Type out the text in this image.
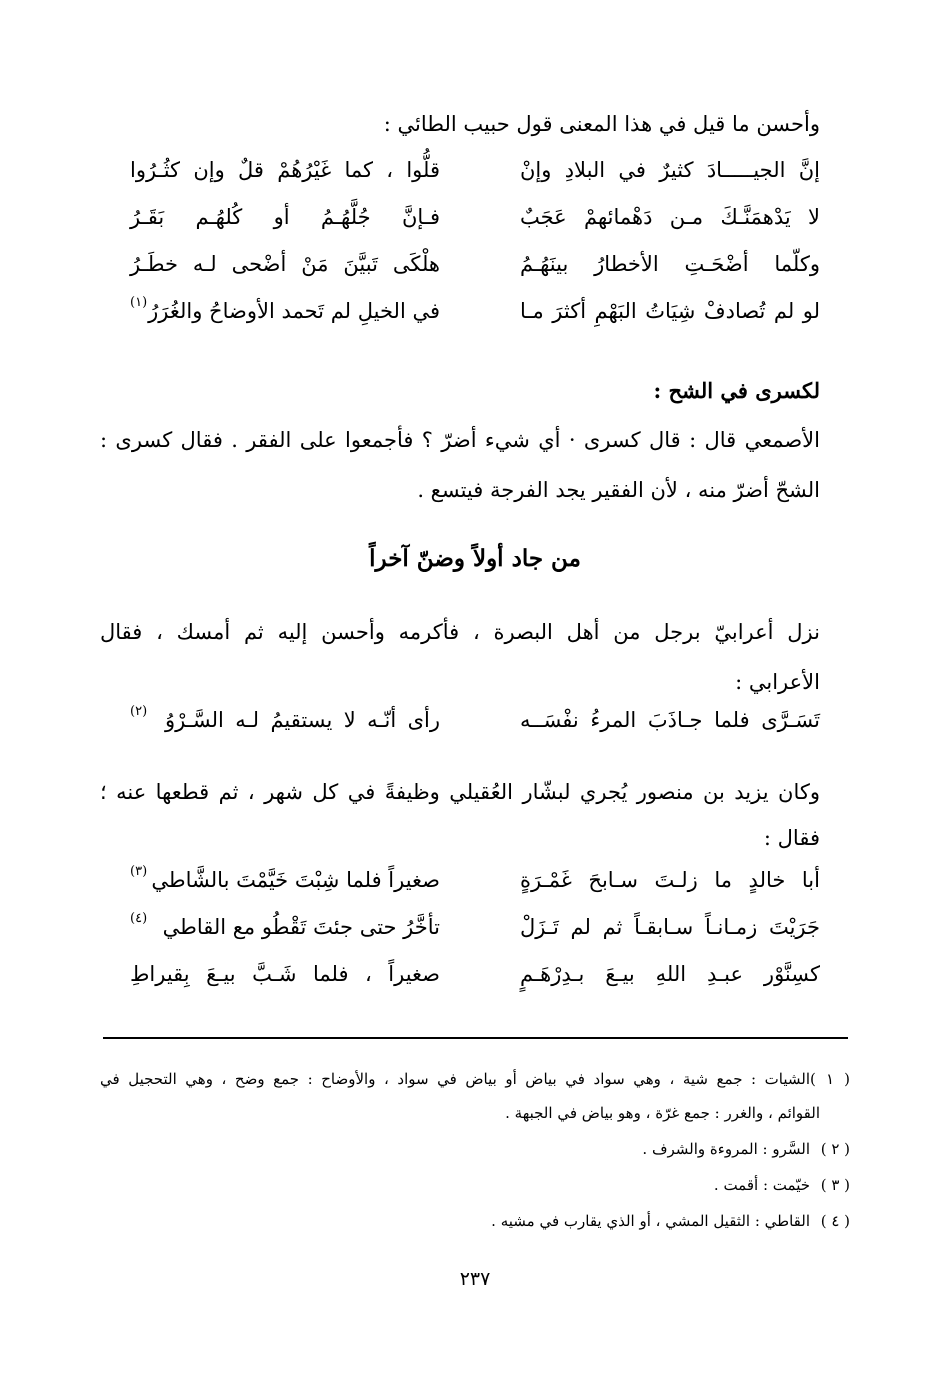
وأحسن ما قيل في هذا المعنى قول حبيب الطائي :
إنَّ الجيـــــادَ كثيرٌ في البلادِ وإنْ
قلُّوا ، كما غَيْرُهُمْ قلٌ وإن كثُـرُوا
لا يَدْهمَنَّـكَ مـن دَهْمائهمْ عَجَبٌ
فـإنَّ جُلَّهُـمُ أو كُلهُـم بَقَـرُ
وكلّما أضْحَـتِ الأخطارُ بينَهُـمُ
هلْكَى تَبيَّنَ مَنْ أضْحى لـه خطَـرُ
لو لم تُصادفْ شِيَاتُ البَهْمِ أكثرَ مـا
في الخيلِ لم تَحمد الأوضاحُ والغُرَرُ
(١)
لكسرى في الشح :
الأصمعي قال : قال كسرى · أي شيء أضرّ ؟ فأجمعوا على الفقر . فقال كسرى :
الشحّ أضرّ منه ، لأن الفقير يجد الفرجة فيتسع .
من جاد أولاً وضنّ آخراً
نزل أعرابيّ برجل من أهل البصرة ، فأكرمه وأحسن إليه ثم أمسك ، فقال
الأعرابي :
تَسَـرَّى فلما جـاذَبَ المرءُ نفْسَــه
رأى أنّـه لا يستقيمُ لـه السَّـرْوُ
(٢)
وكان يزيد بن منصور يُجري لبشّار العُقيلي وظيفةً في كل شهر ، ثم قطعها عنه ؛
فقال :
أبا خالدٍ ما زلـتَ سـابحَ غَمْـرَةٍ
صغيراً فلما شِبْتَ خَيَّمْتَ بالشَّاطي
(٣)
جَرَيْتَ زمـانـاً سـابقـاً ثم لم تَـزَلْ
تأخَّرُ حتى جئتَ تَقْطُو مع القاطي
(٤)
كسِنَّوْر عبـدِ اللهِ بيـعَ بـدِرْهَـمٍ
صغيراً ، فلما شَـبَّ بيـعَ بِقيراطِ
( ١ )الشيات : جمع شية ، وهي سواد في بياض أو بياض في سواد ، والأوضاح : جمع وضح ، وهي التحجيل في
القوائم ، والغرر : جمع غرّة ، وهو بياض في الجبهة .
( ٢ )السَّرو : المروءة والشرف .
( ٣ )خيّمت : أقمت .
( ٤ )القاطي : الثقيل المشي ، أو الذي يقارب في مشيه .
٢٣٧
